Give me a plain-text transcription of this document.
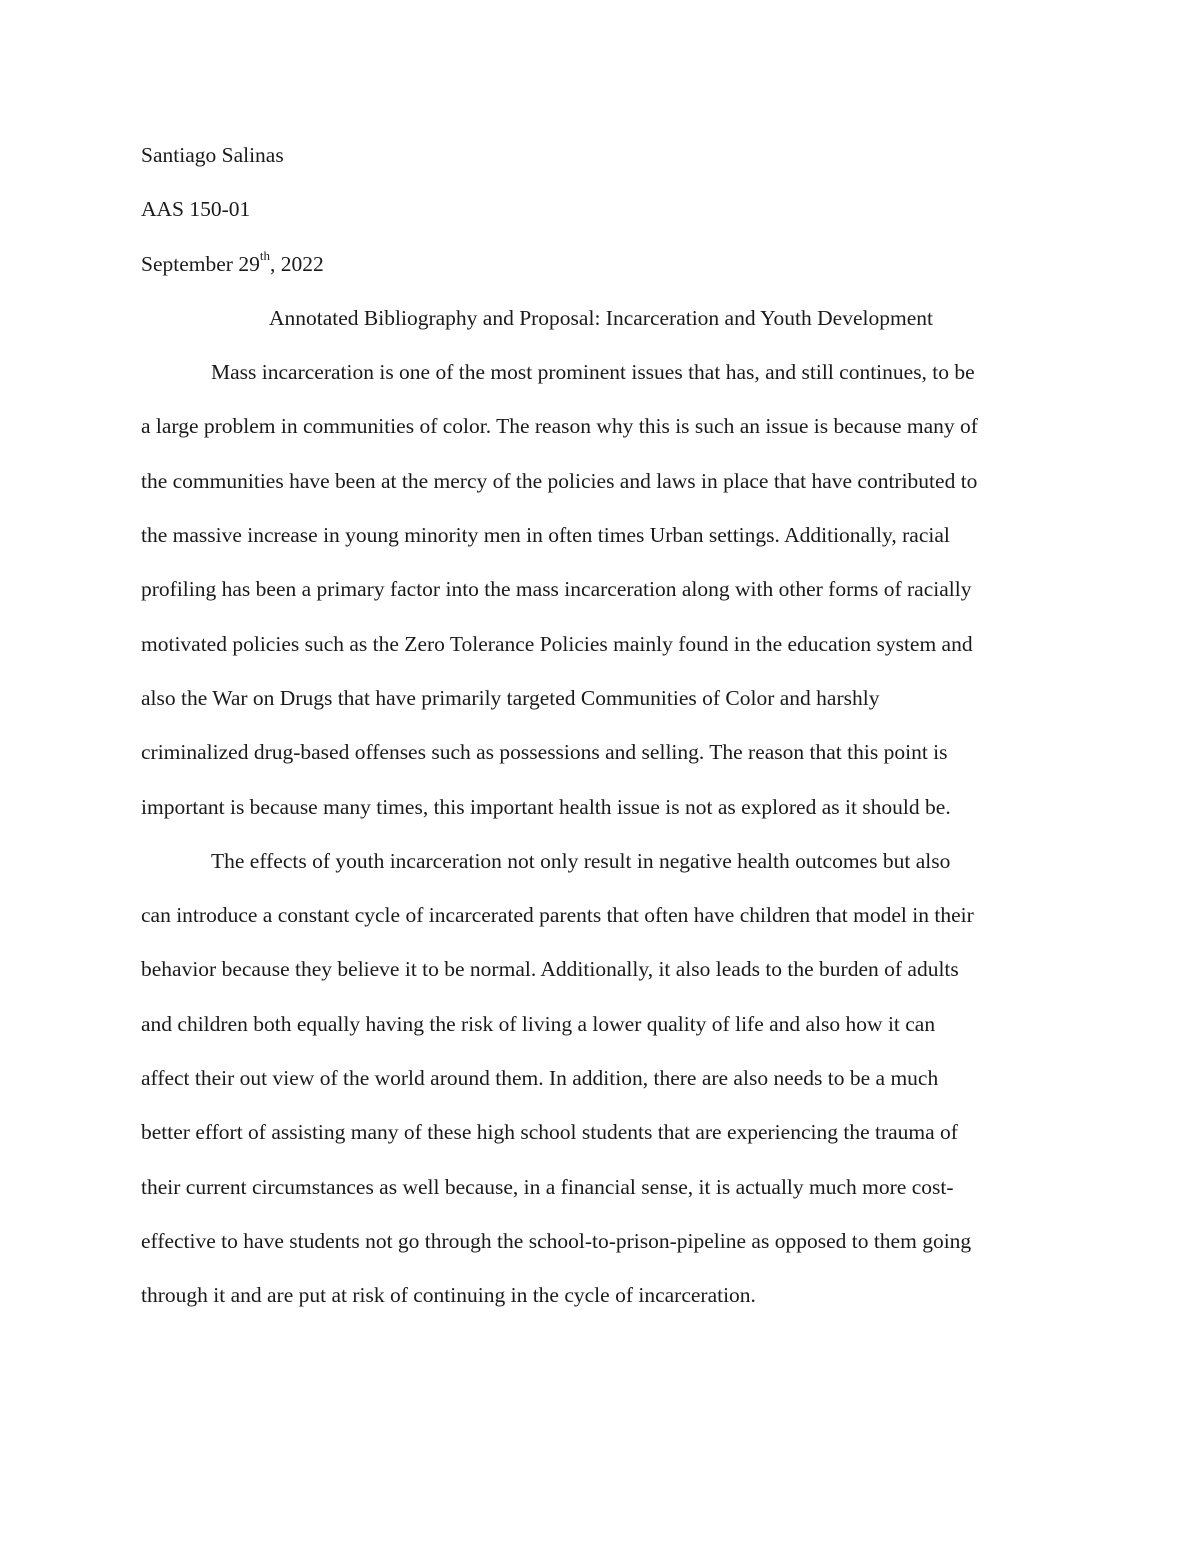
Santiago Salinas

AAS 150-01

September 29th, 2022

Annotated Bibliography and Proposal: Incarceration and Youth Development
Mass incarceration is one of the most prominent issues that has, and still continues, to be
a large problem in communities of color. The reason why this is such an issue is because many of
the communities have been at the mercy of the policies and laws in place that have contributed to
the massive increase in young minority men in often times Urban settings. Additionally, racial
profiling has been a primary factor into the mass incarceration along with other forms of racially
motivated policies such as the Zero Tolerance Policies mainly found in the education system and
also the War on Drugs that have primarily targeted Communities of Color and harshly
criminalized drug-based offenses such as possessions and selling. The reason that this point is
important is because many times, this important health issue is not as explored as it should be.
The effects of youth incarceration not only result in negative health outcomes but also
can introduce a constant cycle of incarcerated parents that often have children that model in their
behavior because they believe it to be normal. Additionally, it also leads to the burden of adults
and children both equally having the risk of living a lower quality of life and also how it can
affect their out view of the world around them. In addition, there are also needs to be a much
better effort of assisting many of these high school students that are experiencing the trauma of
their current circumstances as well because, in a financial sense, it is actually much more cost-
effective to have students not go through the school-to-prison-pipeline as opposed to them going
through it and are put at risk of continuing in the cycle of incarceration.
